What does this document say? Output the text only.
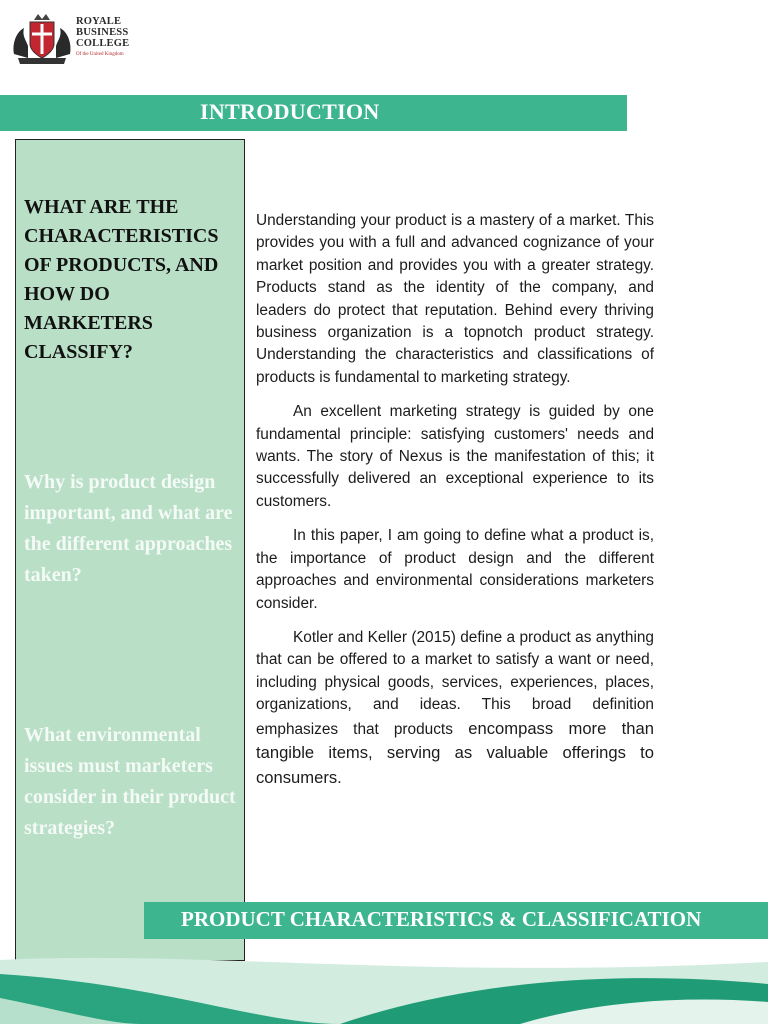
ROYALE
BUSINESS
COLLEGE
Of the United Kingdom
INTRODUCTION
WHAT ARE THE CHARACTERISTICS OF PRODUCTS, AND HOW DO MARKETERS CLASSIFY?
Why is product design important, and what are the different approaches taken?
What environmental issues must marketers consider in their product strategies?

Understanding your product is a mastery of a market. This provides you with a full and advanced cognizance of your market position and provides you with a greater strategy. Products stand as the identity of the company, and leaders do protect that reputation. Behind every thriving business organization is a topnotch product strategy. Understanding the characteristics and classifications of products is fundamental to marketing strategy.

An excellent marketing strategy is guided by one fundamental principle: satisfying customers' needs and wants. The story of Nexus is the manifestation of this; it successfully delivered an exceptional experience to its customers.

In this paper, I am going to define what a product is, the importance of product design and the different approaches and environmental considerations marketers consider.

Kotler and Keller (2015) define a product as anything that can be offered to a market to satisfy a want or need, including physical goods, services, experiences, places, organizations, and ideas. This broad definition emphasizes that products encompass more than tangible items, serving as valuable offerings to consumers.

PRODUCT CHARACTERISTICS & CLASSIFICATION
